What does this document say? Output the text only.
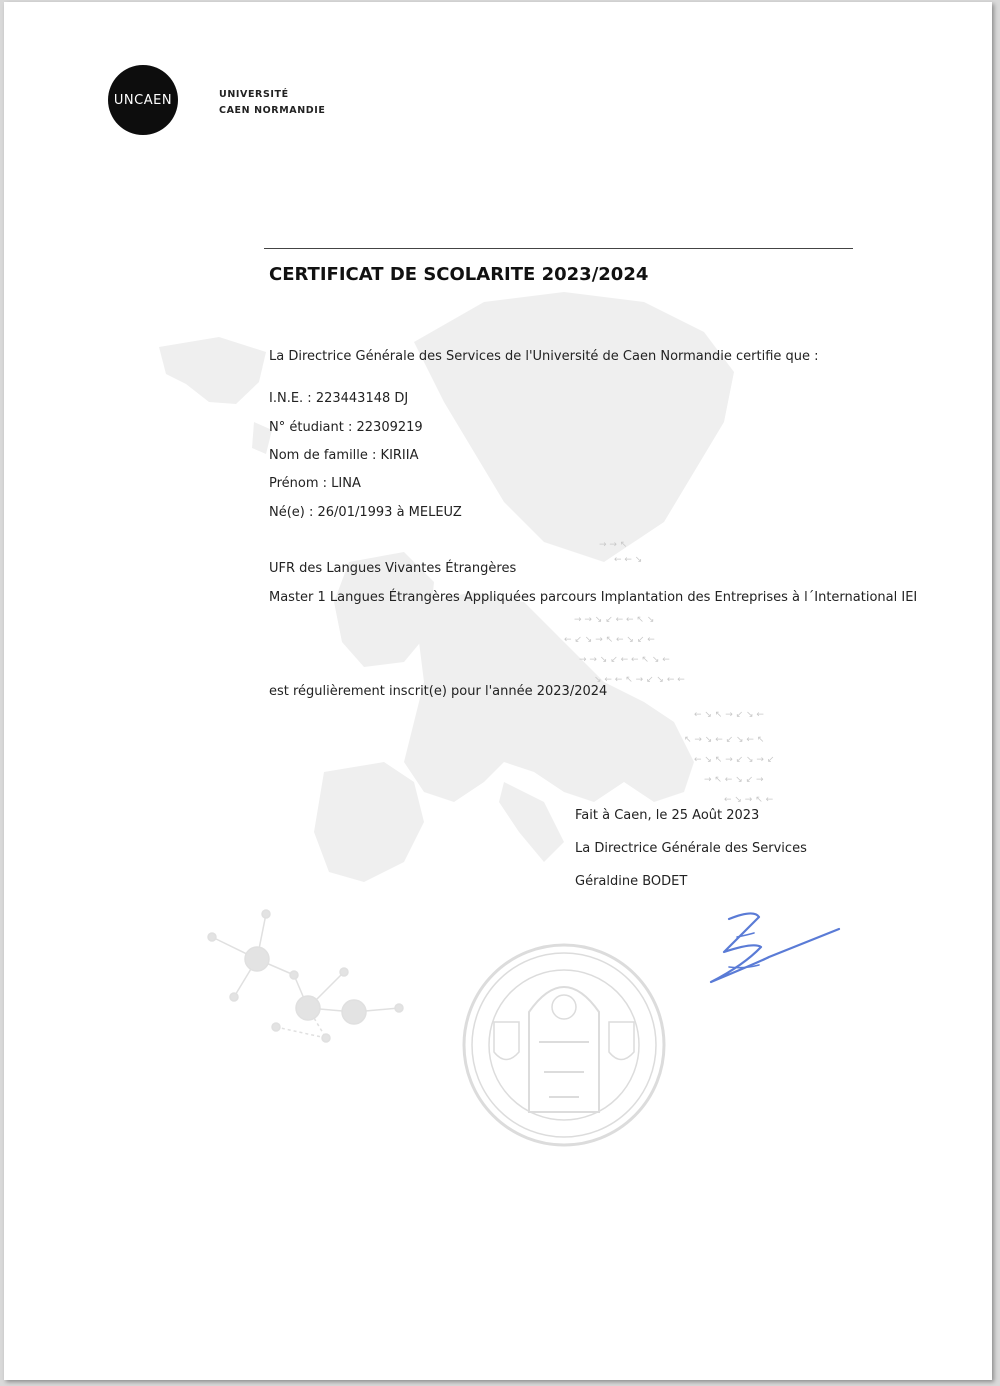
→ → ↖
← ← ↘
→ → ↘ ↙ ← ← ↖ ↘
← ↙ ↘ → ↖ ← ↘ ↙ ←
→ → ↘ ↙ ← ← ↖ ↘ ←
↘ ← ← ↖ → ↙ ↘ ← ←
← ↘ ↖ → ↙ ↘ ←
↖ → ↘ ← ↙ ↘ ← ↖
← ↘ ↖ → ↙ ↘ → ↙
→ ↖ ← ↘ ↙ →
← ↘ → ↖ ←
UNCAEN	UNIVERSITÉ
CAEN NORMANDIE
CERTIFICAT DE SCOLARITE 2023/2024
La Directrice Générale des Services de l'Université de Caen Normandie certifie que :
I.N.E. : 223443148 DJ
N° étudiant : 22309219
Nom de famille : KIRIIA
Prénom : LINA
Né(e) : 26/01/1993 à MELEUZ
UFR des Langues Vivantes Étrangères
Master 1 Langues Étrangères Appliquées parcours Implantation des Entreprises à l´International IEI
est régulièrement inscrit(e) pour l'année 2023/2024
Fait à Caen, le 25 Août 2023
La Directrice Générale des Services
Géraldine BODET
